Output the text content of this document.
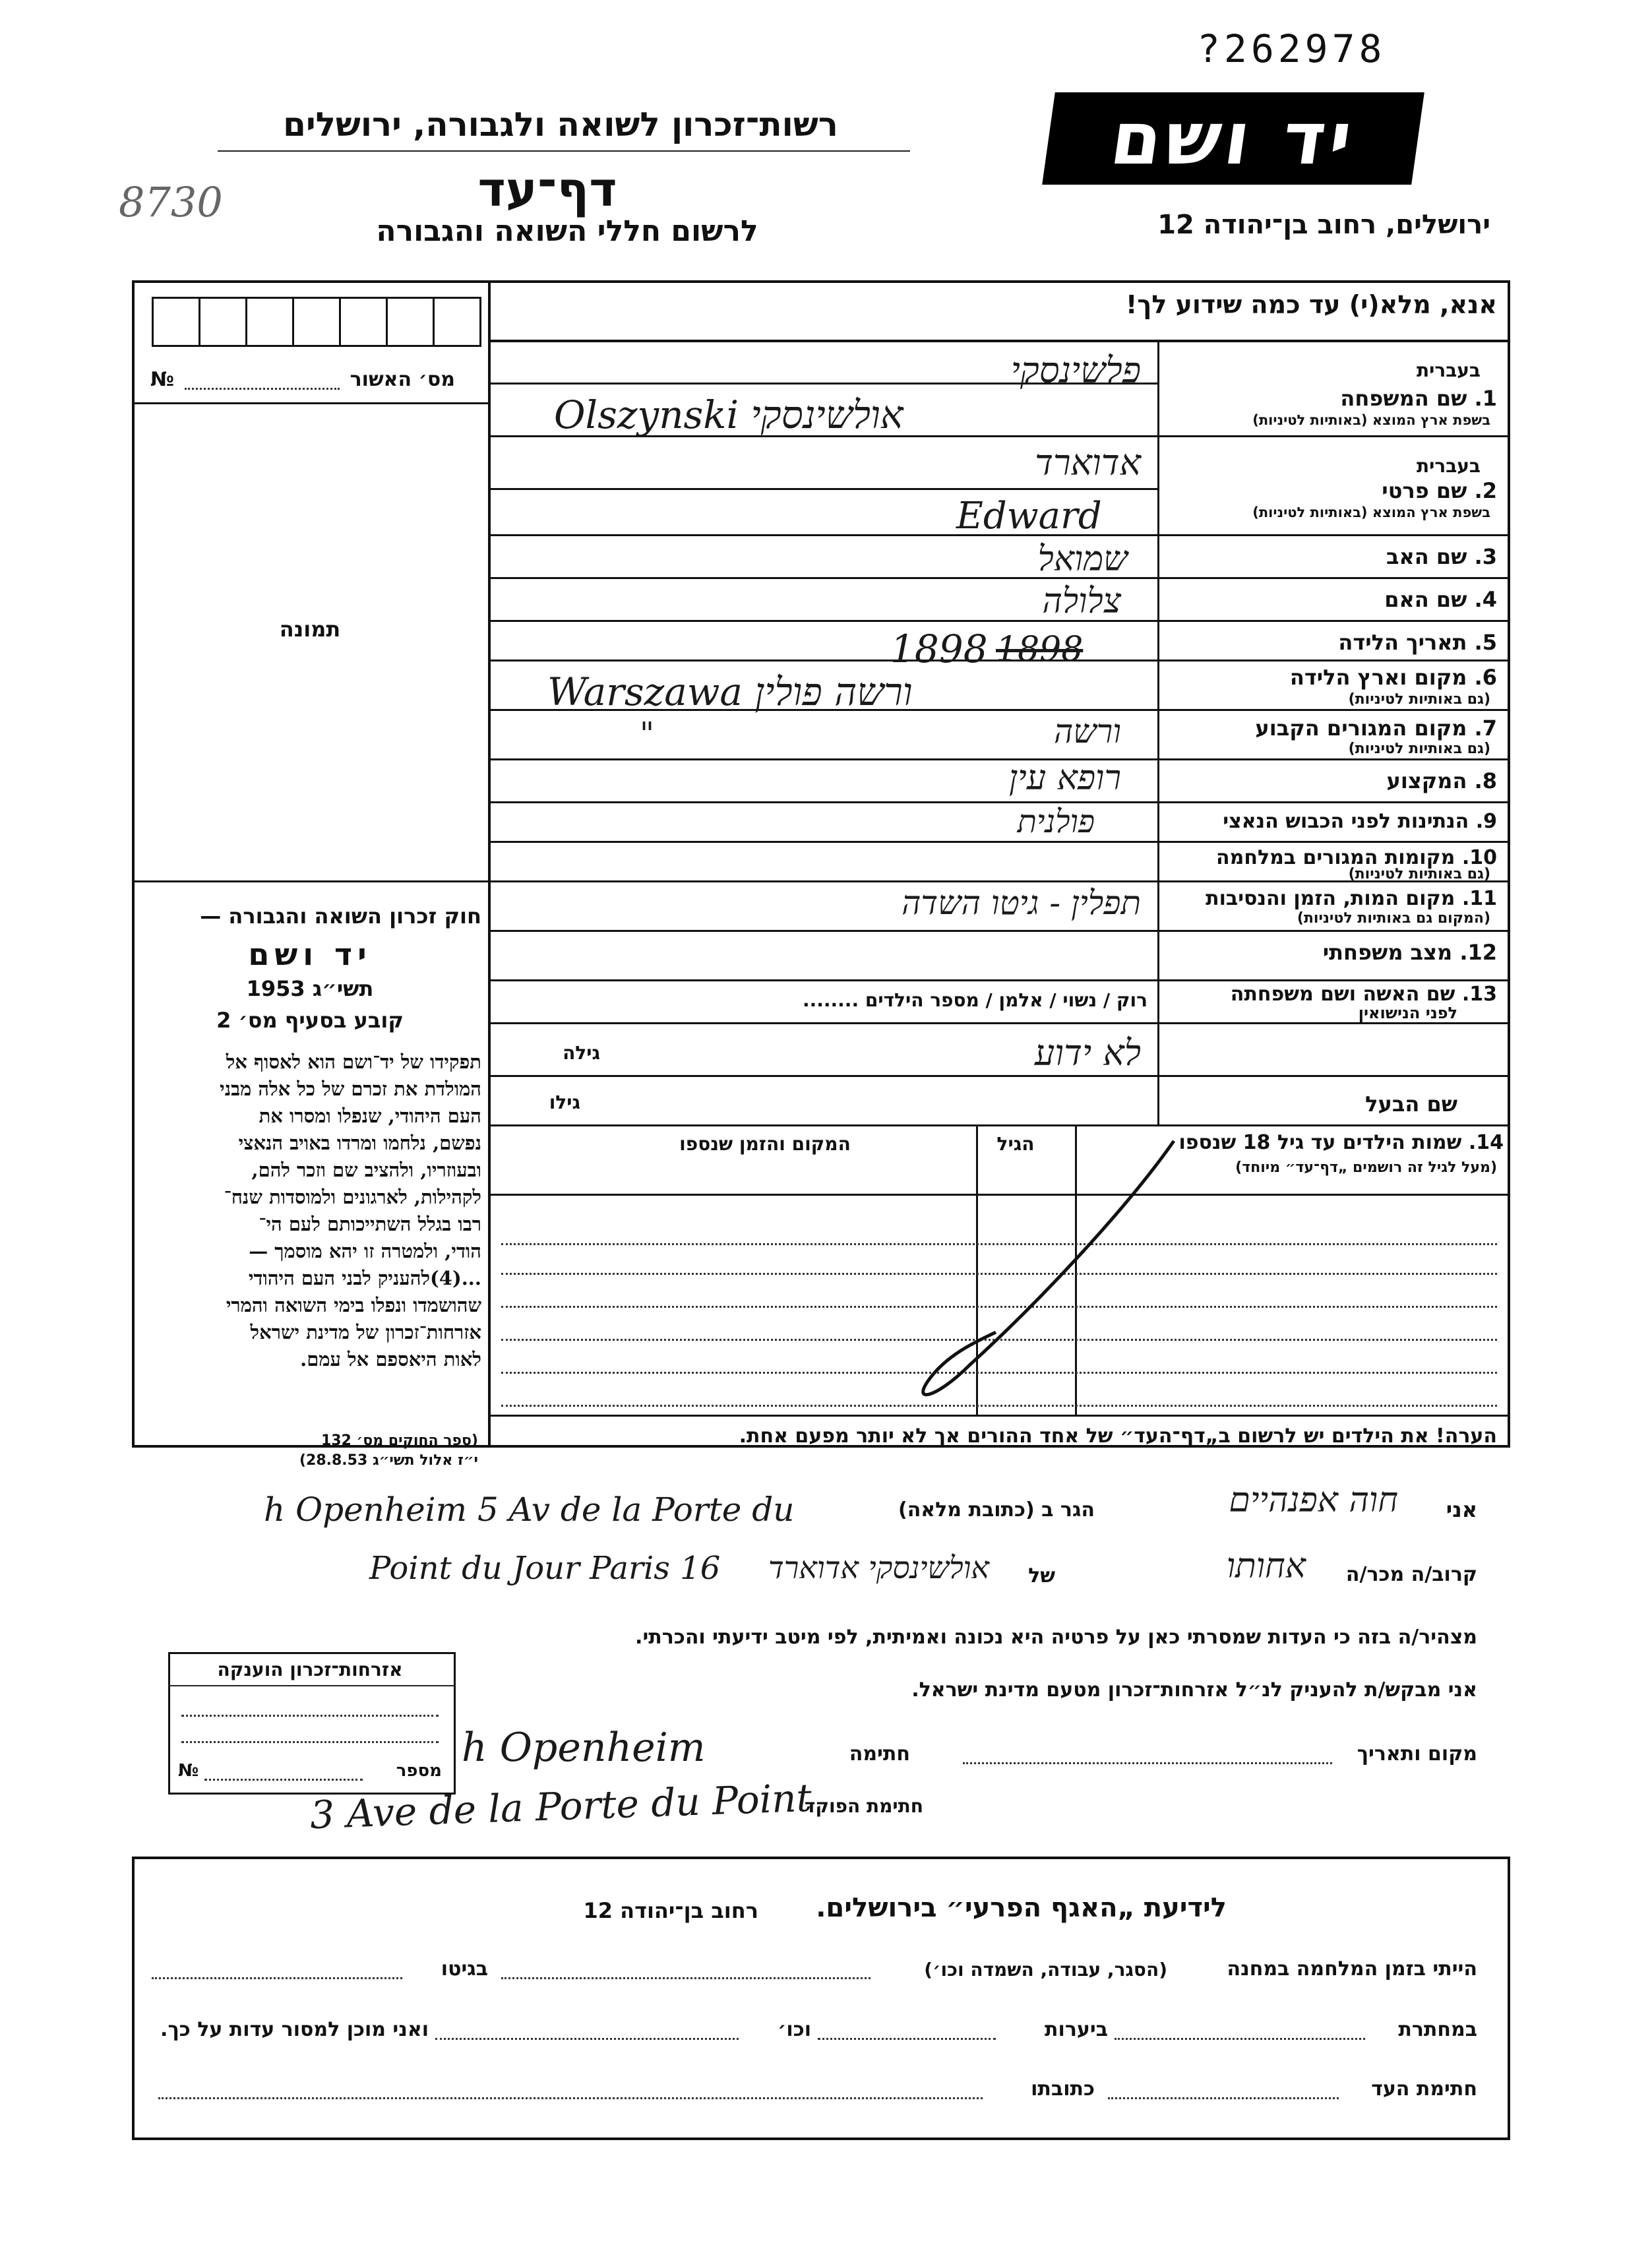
?262978
רשות־זכרון לשואה ולגבורה, ירושלים
דף־עד
8730
לרשום חללי השואה והגבורה
יד ושם
ירושלים, רחוב בן־יהודה 12
אנא, מלא(י) עד כמה שידוע לך!
מס׳ האשור
№
תמונה
חוק זכרון השואה והגבורה —
יד ושם
תשי״ג 1953
קובע בסעיף מס׳ 2
תפקידו של יד־ושם הוא לאסוף אל
המולדת את זכרם של כל אלה מבני
העם היהודי, שנפלו ומסרו את
נפשם, נלחמו ומרדו באויב הנאצי
ובעוזריו, ולהציב שם וזכר להם,
לקהילות, לארגונים ולמוסדות שנח־
רבו בגלל השתייכותם לעם הי־
הודי, ולמטרה זו יהא מוסמך —
...(4)להעניק לבני העם היהודי
שהושמדו ונפלו בימי השואה והמרי
אזרחות־זכרון של מדינת ישראל
לאות היאספם אל עמם.
(ספר החוקים מס׳ 132
י״ז אלול תשי״ג 28.8.53)
בעברית
1. שם המשפחה
בשפת ארץ המוצא (באותיות לטיניות)
בעברית
2. שם פרטי
בשפת ארץ המוצא (באותיות לטיניות)
3. שם האב
4. שם האם
5. תאריך הלידה
6. מקום וארץ הלידה
(גם באותיות לטיניות)
7. מקום המגורים הקבוע
(גם באותיות לטיניות)
8. המקצוע
9. הנתינות לפני הכבוש הנאצי
10. מקומות המגורים במלחמה
(גם באותיות לטיניות)
11. מקום המות, הזמן והנסיבות
(המקום גם באותיות לטיניות)
12. מצב משפחתי
13. שם האשה ושם משפחתה
לפני הנישואין
שם הבעל
פלשינסקי
Olszynski אולשינסקי
אדוארד
Edward
שמואל
צלולה
1898 1898
Warszawa ורשה פולין
ורשה
"
רופא עין
פולנית
תפלין - גיטו השדה
רוק / נשוי / אלמן / מספר הילדים ........
גילה	לא ידוע
גילו
14. שמות הילדים עד גיל 18 שנספו
(מעל לגיל זה רושמים „דף־עד״ מיוחד)
הגיל
המקום והזמן שנספו
הערה! את הילדים יש לרשום ב„דף־העד״ של אחד ההורים אך לא יותר מפעם אחת.
אני
חוה אפנהיים
הגר ב (כתובת מלאה)
h Openheim 5 Av de la Porte du
קרוב/ה מכר/ה
אחותו
של
אולשינסקי אדוארד
Point du Jour Paris 16
מצהיר/ה בזה כי העדות שמסרתי כאן על פרטיה היא נכונה ואמיתית, לפי מיטב ידיעתי והכרתי.
אני מבקש/ת להעניק לנ״ל אזרחות־זכרון מטעם מדינת ישראל.
אזרחות־זכרון הוענקה
מספר
№
מקום ותאריך
חתימה
h Openheim
חתימת הפוקד
3 Ave de la Porte du Point
לידיעת „האגף הפרעי״ בירושלים.
רחוב בן־יהודה 12
הייתי בזמן המלחמה במחנה
(הסגר, עבודה, השמדה וכו׳)
בגיטו
במחתרת
ביערות
וכו׳
ואני מוכן למסור עדות על כך.
חתימת העד
כתובתו
